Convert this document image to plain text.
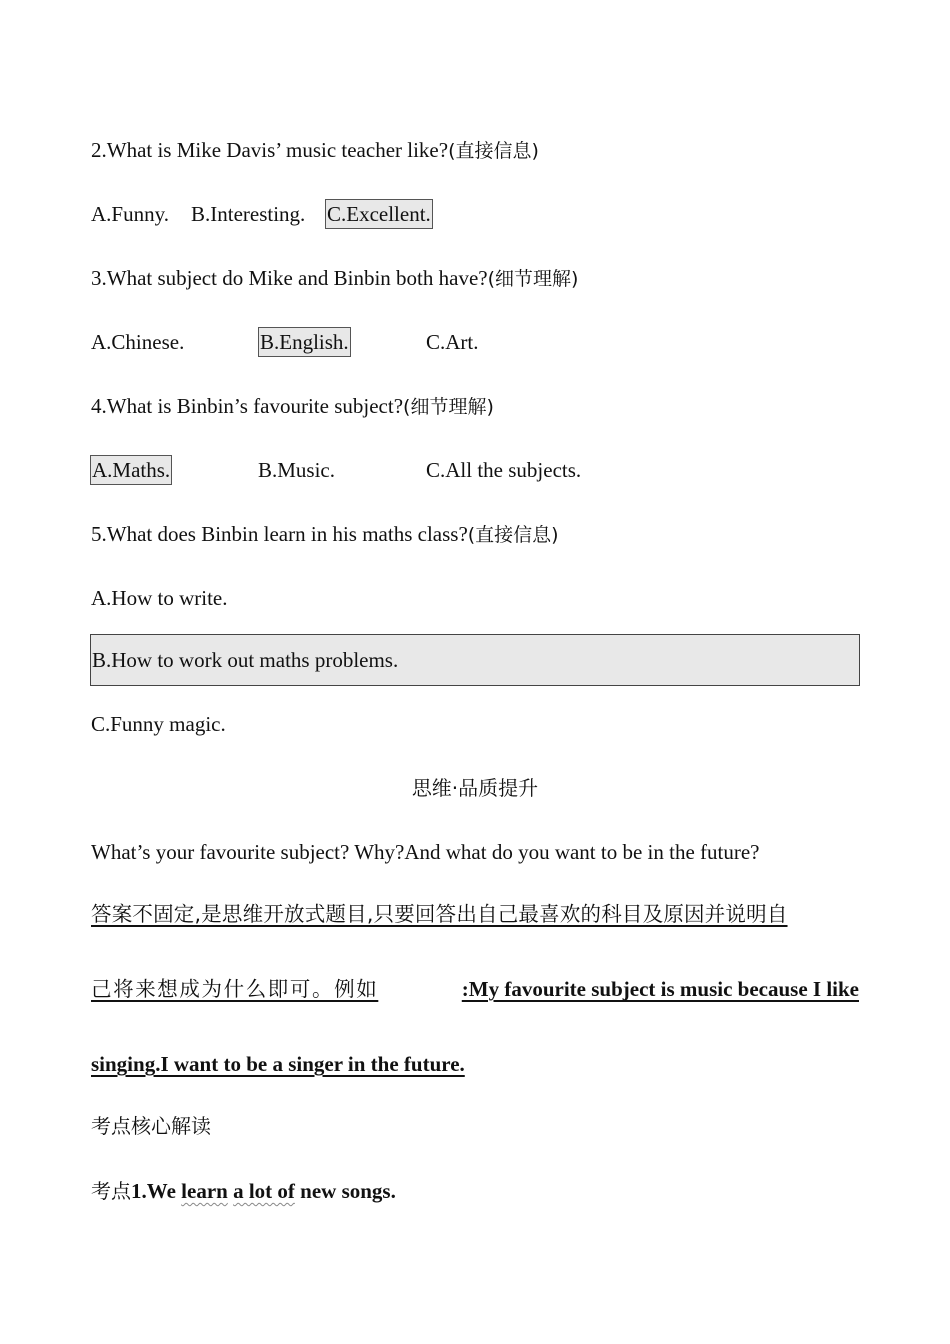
2.What is Mike Davis’ music teacher like?(直接信息)
A.Funny. B.Interesting. C.Excellent.
3.What subject do Mike and Binbin both have?(细节理解)
A.Chinese.	B.English.	C.Art.
4.What is Binbin’s favourite subject?(细节理解)
A.Maths.	B.Music.	C.All the subjects.
5.What does Binbin learn in his maths class?(直接信息)
A.How to write.
B.How to work out maths problems.
C.Funny magic.
思维·品质提升
What’s your favourite subject? Why?And what do you want to be in the future?
答案不固定,是思维开放式题目,只要回答出自己最喜欢的科目及原因并说明自
己将来想成为什么即可。例如	:My favourite subject is music because I like
singing.I want to be a singer in the future.
考点核心解读
考点1.We learn a lot of new songs.
